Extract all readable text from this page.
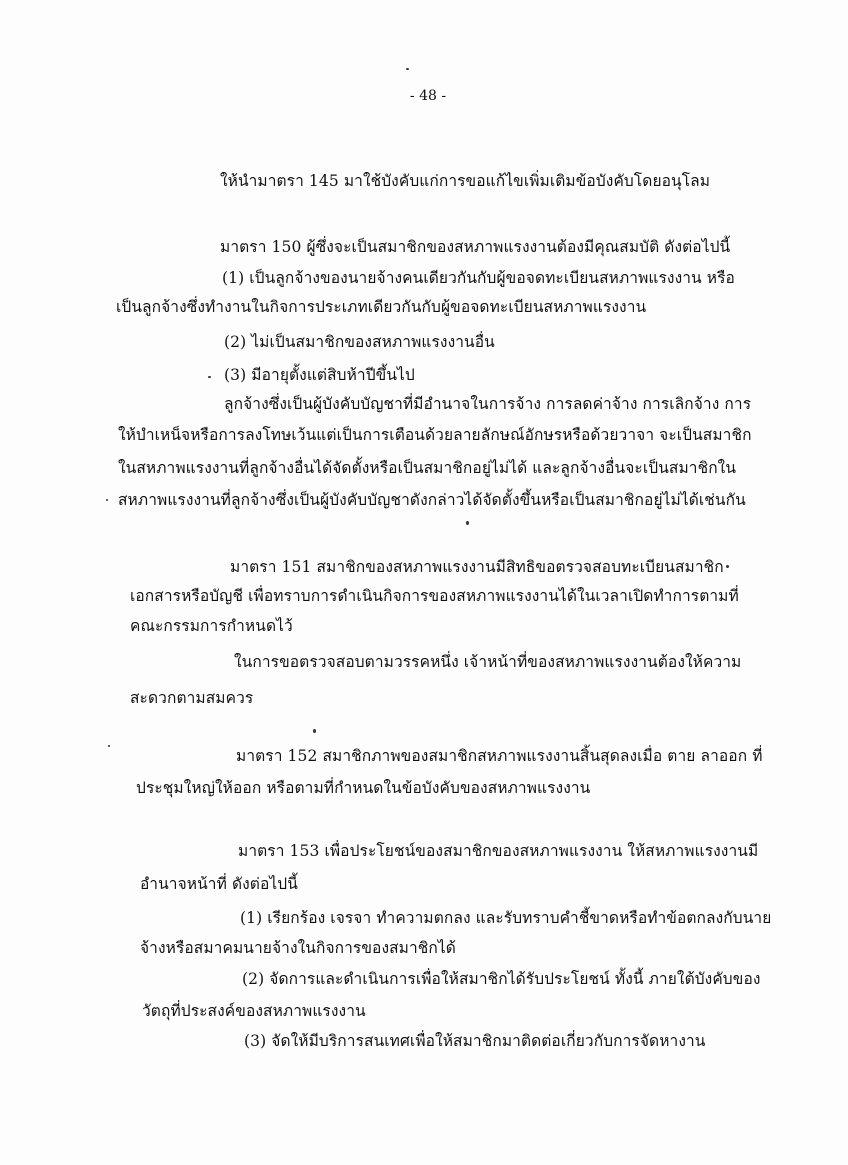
- 48 -
ให้นำมาตรา 145 มาใช้บังคับแก่การขอแก้ไขเพิ่มเติมข้อบังคับโดยอนุโลม
มาตรา 150 ผู้ซึ่งจะเป็นสมาชิกของสหภาพแรงงานต้องมีคุณสมบัติ ดังต่อไปนี้
(1) เป็นลูกจ้างของนายจ้างคนเดียวกันกับผู้ขอจดทะเบียนสหภาพแรงงาน หรือ
เป็นลูกจ้างซึ่งทำงานในกิจการประเภทเดียวกันกับผู้ขอจดทะเบียนสหภาพแรงงาน
(2) ไม่เป็นสมาชิกของสหภาพแรงงานอื่น
(3) มีอายุตั้งแต่สิบห้าปีขึ้นไป
ลูกจ้างซึ่งเป็นผู้บังคับบัญชาที่มีอำนาจในการจ้าง การลดค่าจ้าง การเลิกจ้าง การ
ให้บำเหน็จหรือการลงโทษเว้นแต่เป็นการเตือนด้วยลายลักษณ์อักษรหรือด้วยวาจา จะเป็นสมาชิก
ในสหภาพแรงงานที่ลูกจ้างอื่นได้จัดตั้งหรือเป็นสมาชิกอยู่ไม่ได้ และลูกจ้างอื่นจะเป็นสมาชิกใน
สหภาพแรงงานที่ลูกจ้างซึ่งเป็นผู้บังคับบัญชาดังกล่าวได้จัดตั้งขึ้นหรือเป็นสมาชิกอยู่ไม่ได้เช่นกัน
มาตรา 151 สมาชิกของสหภาพแรงงานมีสิทธิขอตรวจสอบทะเบียนสมาชิก
เอกสารหรือบัญชี เพื่อทราบการดำเนินกิจการของสหภาพแรงงานได้ในเวลาเปิดทำการตามที่
คณะกรรมการกำหนดไว้
ในการขอตรวจสอบตามวรรคหนึ่ง เจ้าหน้าที่ของสหภาพแรงงานต้องให้ความ
สะดวกตามสมควร
มาตรา 152 สมาชิกภาพของสมาชิกสหภาพแรงงานสิ้นสุดลงเมื่อ ตาย ลาออก ที่
ประชุมใหญ่ให้ออก หรือตามที่กำหนดในข้อบังคับของสหภาพแรงงาน
มาตรา 153 เพื่อประโยชน์ของสมาชิกของสหภาพแรงงาน ให้สหภาพแรงงานมี
อำนาจหน้าที่ ดังต่อไปนี้
(1) เรียกร้อง เจรจา ทำความตกลง และรับทราบคำชี้ขาดหรือทำข้อตกลงกับนาย
จ้างหรือสมาคมนายจ้างในกิจการของสมาชิกได้
(2) จัดการและดำเนินการเพื่อให้สมาชิกได้รับประโยชน์ ทั้งนี้ ภายใต้บังคับของ
วัตถุที่ประสงค์ของสหภาพแรงงาน
(3) จัดให้มีบริการสนเทศเพื่อให้สมาชิกมาติดต่อเกี่ยวกับการจัดหางาน
